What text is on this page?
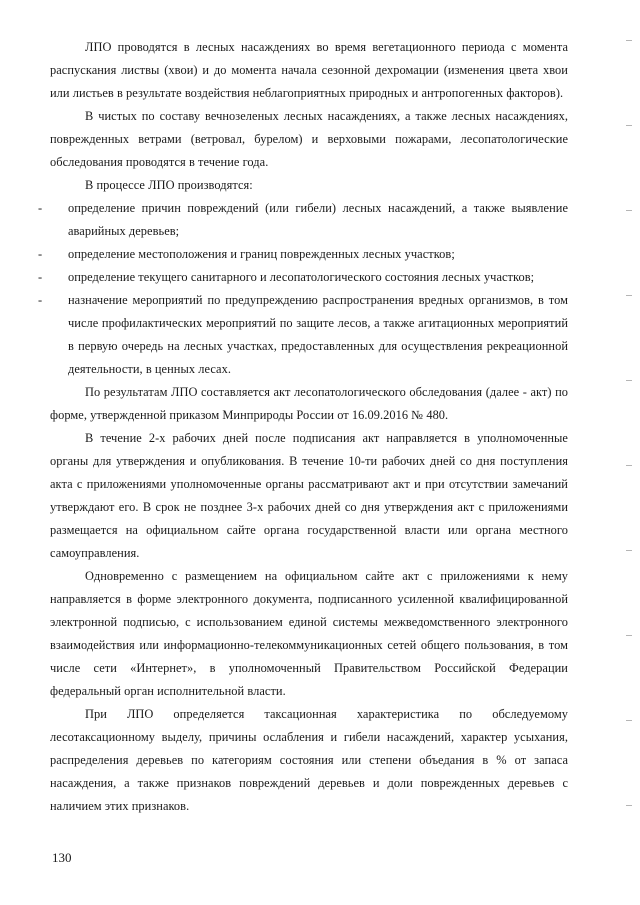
ЛПО проводятся в лесных насаждениях во время вегетационного периода с момента распускания листвы (хвои) и до момента начала сезонной дехромации (изменения цвета хвои или листьев в результате воздействия неблагоприятных природных и антропогенных факторов).

В чистых по составу вечнозеленых лесных насаждениях, а также лесных насаждениях, поврежденных ветрами (ветровал, бурелом) и верховыми пожарами, лесопатологические обследования проводятся в течение года.

В процессе ЛПО производятся:

- определение причин повреждений (или гибели) лесных насаждений, а также выявление аварийных деревьев;
- определение местоположения и границ поврежденных лесных участков;
- определение текущего санитарного и лесопатологического состояния лесных участков;
- назначение мероприятий по предупреждению распространения вредных организмов, в том числе профилактических мероприятий по защите лесов, а также агитационных мероприятий в первую очередь на лесных участках, предоставленных для осуществления рекреационной деятельности, в ценных лесах.

По результатам ЛПО составляется акт лесопатологического обследования (далее - акт) по форме, утвержденной приказом Минприроды России от 16.09.2016 № 480.

В течение 2-х рабочих дней после подписания акт направляется в уполномоченные органы для утверждения и опубликования. В течение 10-ти рабочих дней со дня поступления акта с приложениями уполномоченные органы рассматривают акт и при отсутствии замечаний утверждают его. В срок не позднее 3-х рабочих дней со дня утверждения акт с приложениями размещается на официальном сайте органа государственной власти или органа местного самоуправления.

Одновременно с размещением на официальном сайте акт с приложениями к нему направляется в форме электронного документа, подписанного усиленной квалифицированной электронной подписью, с использованием единой системы межведомственного электронного взаимодействия или информационно-телекоммуникационных сетей общего пользования, в том числе сети «Интернет», в уполномоченный Правительством Российской Федерации федеральный орган исполнительной власти.

При ЛПО определяется таксационная характеристика по обследуемому лесотаксационному выделу, причины ослабления и гибели насаждений, характер усыхания, распределения деревьев по категориям состояния или степени объедания в % от запаса насаждения, а также признаков повреждений деревьев и доли поврежденных деревьев с наличием этих признаков.

130
